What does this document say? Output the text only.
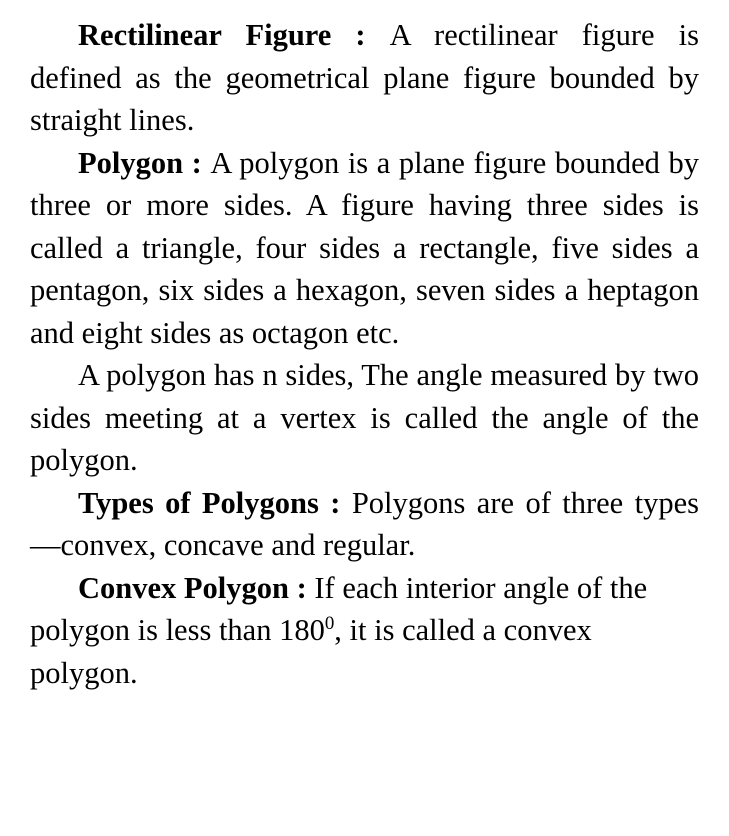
Rectilinear Figure : A rectilinear figure is defined as the geometrical plane figure bounded by straight lines.

Polygon : A polygon is a plane figure bounded by three or more sides. A figure having three sides is called a triangle, four sides a rectangle, five sides a pentagon, six sides a hexagon, seven sides a heptagon and eight sides as octagon etc.

A polygon has n sides, The angle measured by two sides meeting at a vertex is called the angle of the polygon.

Types of Polygons : Polygons are of three types—convex, concave and regular.

Convex Polygon : If each interior angle of the polygon is less than $180^0$, it is called a convex polygon.
